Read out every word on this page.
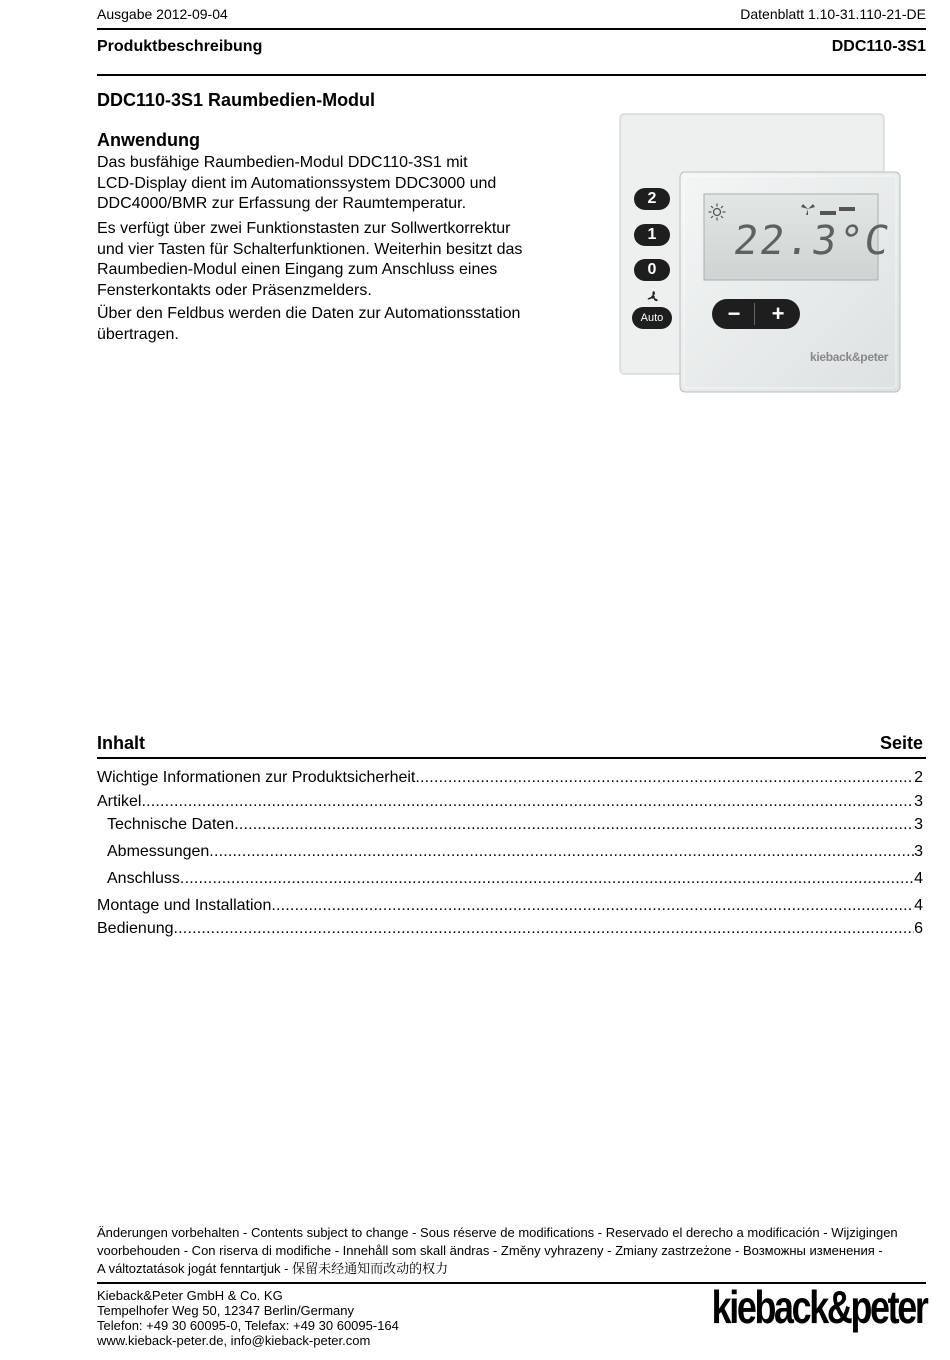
Ausgabe 2012-09-04	Datenblatt 1.10-31.110-21-DE
Produktbeschreibung	DDC110-3S1
DDC110-3S1 Raumbedien-Modul
Anwendung
Das busfähige Raumbedien-Modul DDC110-3S1 mit
LCD-Display dient im Automationssystem DDC3000 und
DDC4000/BMR zur Erfassung der Raumtemperatur.
Es verfügt über zwei Funktionstasten zur Sollwertkorrektur
und vier Tasten für Schalterfunktionen. Weiterhin besitzt das
Raumbedien-Modul einen Eingang zum Anschluss eines
Fensterkontakts oder Präsenzmelders.
Über den Feldbus werden die Daten zur Automationsstation
übertragen.
22.3°C
2
1
0
Auto	−	+
kieback&peter
Inhalt	Seite
Wichtige Informationen zur Produktsicherheit .....	2
Artikel .....	3
Technische Daten .....	3
Abmessungen .....	3
Anschluss .....	4
Montage und Installation .....	4
Bedienung .....	6
Änderungen vorbehalten - Contents subject to change - Sous réserve de modifications - Reservado el derecho a modificación - Wijzigingen
voorbehouden - Con riserva di modifiche - Innehåll som skall ändras - Změny vyhrazeny - Zmiany zastrzeżone - Возможны изменения -
A változtatások jogát fenntartjuk - 保留未经通知而改动的权力
Kieback&Peter GmbH & Co. KG
Tempelhofer Weg 50, 12347 Berlin/Germany
Telefon: +49 30 60095-0, Telefax: +49 30 60095-164
www.kieback-peter.de, info@kieback-peter.com
kieback&peter
